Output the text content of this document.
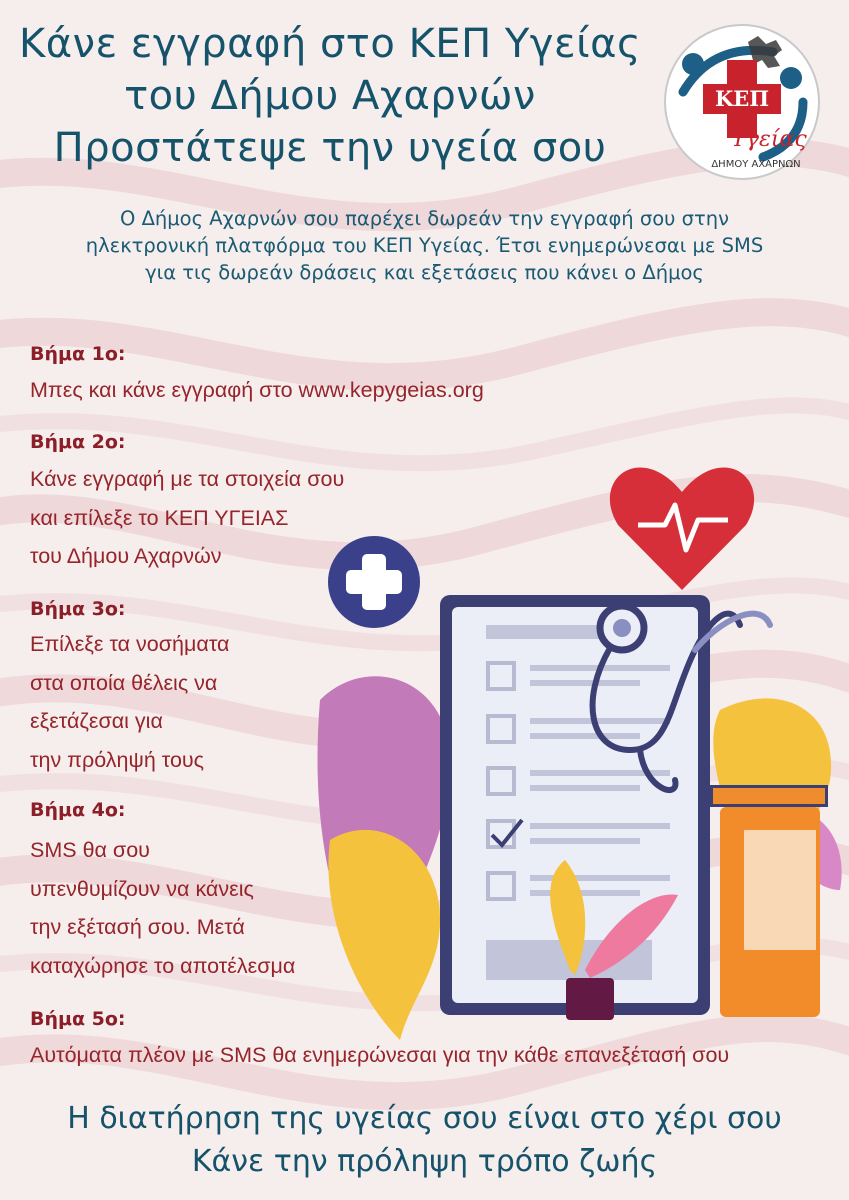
Κάνε εγγραφή στο ΚΕΠ Υγείας
του Δήμου Αχαρνών
Προστάτεψε την υγεία σου
ΚΕΠ
Υγείας
ΔΗΜΟΥ ΑΧΑΡΝΩΝ
Ο Δήμος Αχαρνών σου παρέχει δωρεάν την εγγραφή σου στην
ηλεκτρονική πλατφόρμα του ΚΕΠ Υγείας. Έτσι ενημερώνεσαι με SMS
για τις δωρεάν δράσεις και εξετάσεις που κάνει ο Δήμος
Βήμα 1ο:
Μπες και κάνε εγγραφή στο www.kepygeias.org
Βήμα 2ο:
Κάνε εγγραφή με τα στοιχεία σου
και επίλεξε το ΚΕΠ ΥΓΕΙΑΣ
του Δήμου Αχαρνών
Βήμα 3ο:
Επίλεξε τα νοσήματα
στα οποία θέλεις να
εξετάζεσαι για
την πρόληψή τους
Βήμα 4ο:
SMS θα σου
υπενθυμίζουν να κάνεις
την εξέτασή σου. Μετά
καταχώρησε το αποτέλεσμα
Βήμα 5ο:
Αυτόματα πλέον με SMS θα ενημερώνεσαι για την κάθε επανεξέτασή σου
Η διατήρηση της υγείας σου είναι στο χέρι σου
Κάνε την πρόληψη τρόπο ζωής
